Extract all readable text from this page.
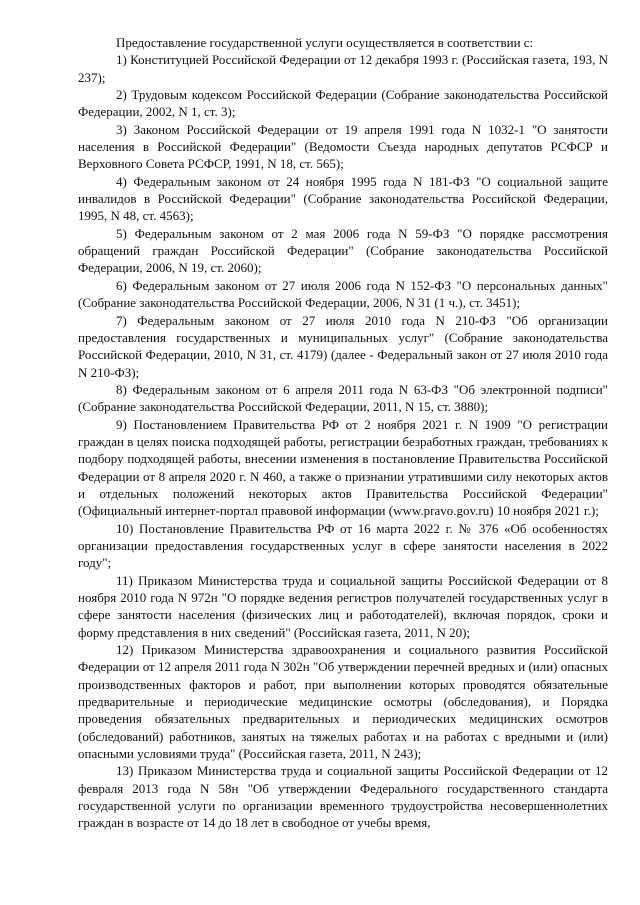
Предоставление государственной услуги осуществляется в соответствии с:

1) Конституцией Российской Федерации от 12 декабря 1993 г. (Российская газета, 193, N 237);

2) Трудовым кодексом Российской Федерации (Собрание законодательства Российской Федерации, 2002, N 1, ст. 3);

3) Законом Российской Федерации от 19 апреля 1991 года N 1032-1 "О занятости населения в Российской Федерации" (Ведомости Съезда народных депутатов РСФСР и Верховного Совета РСФСР, 1991, N 18, ст. 565);

4) Федеральным законом от 24 ноября 1995 года N 181-ФЗ "О социальной защите инвалидов в Российской Федерации" (Собрание законодательства Российской Федерации, 1995, N 48, ст. 4563);

5) Федеральным законом от 2 мая 2006 года N 59-ФЗ "О порядке рассмотрения обращений граждан Российской Федерации" (Собрание законодательства Российской Федерации, 2006, N 19, ст. 2060);

6) Федеральным законом от 27 июля 2006 года N 152-ФЗ "О персональных данных" (Собрание законодательства Российской Федерации, 2006, N 31 (1 ч.), ст. 3451);

7) Федеральным законом от 27 июля 2010 года N 210-ФЗ "Об организации предоставления государственных и муниципальных услуг" (Собрание законодательства Российской Федерации, 2010, N 31, ст. 4179) (далее - Федеральный закон от 27 июля 2010 года N 210-ФЗ);

8) Федеральным законом от 6 апреля 2011 года N 63-ФЗ "Об электронной подписи" (Собрание законодательства Российской Федерации, 2011, N 15, ст. 3880);

9) Постановлением Правительства РФ от 2 ноября 2021 г. N 1909 "О регистрации граждан в целях поиска подходящей работы, регистрации безработных граждан, требованиях к подбору подходящей работы, внесении изменения в постановление Правительства Российской Федерации от 8 апреля 2020 г. N 460, а также о признании утратившими силу некоторых актов и отдельных положений некоторых актов Правительства Российской Федерации" (Официальный интернет-портал правовой информации (www.pravo.gov.ru) 10 ноября 2021 г.);

10) Постановление Правительства РФ от 16 марта 2022 г. № 376 «Об особенностях организации предоставления государственных услуг в сфере занятости населения в 2022 году";

11) Приказом Министерства труда и социальной защиты Российской Федерации от 8 ноября 2010 года N 972н "О порядке ведения регистров получателей государственных услуг в сфере занятости населения (физических лиц и работодателей), включая порядок, сроки и форму представления в них сведений" (Российская газета, 2011, N 20);

12) Приказом Министерства здравоохранения и социального развития Российской Федерации от 12 апреля 2011 года N 302н "Об утверждении перечней вредных и (или) опасных производственных факторов и работ, при выполнении которых проводятся обязательные предварительные и периодические медицинские осмотры (обследования), и Порядка проведения обязательных предварительных и периодических медицинских осмотров (обследований) работников, занятых на тяжелых работах и на работах с вредными и (или) опасными условиями труда" (Российская газета, 2011, N 243);

13) Приказом Министерства труда и социальной защиты Российской Федерации от 12 февраля 2013 года N 58н "Об утверждении Федерального государственного стандарта государственной услуги по организации временного трудоустройства несовершеннолетних граждан в возрасте от 14 до 18 лет в свободное от учебы время,
